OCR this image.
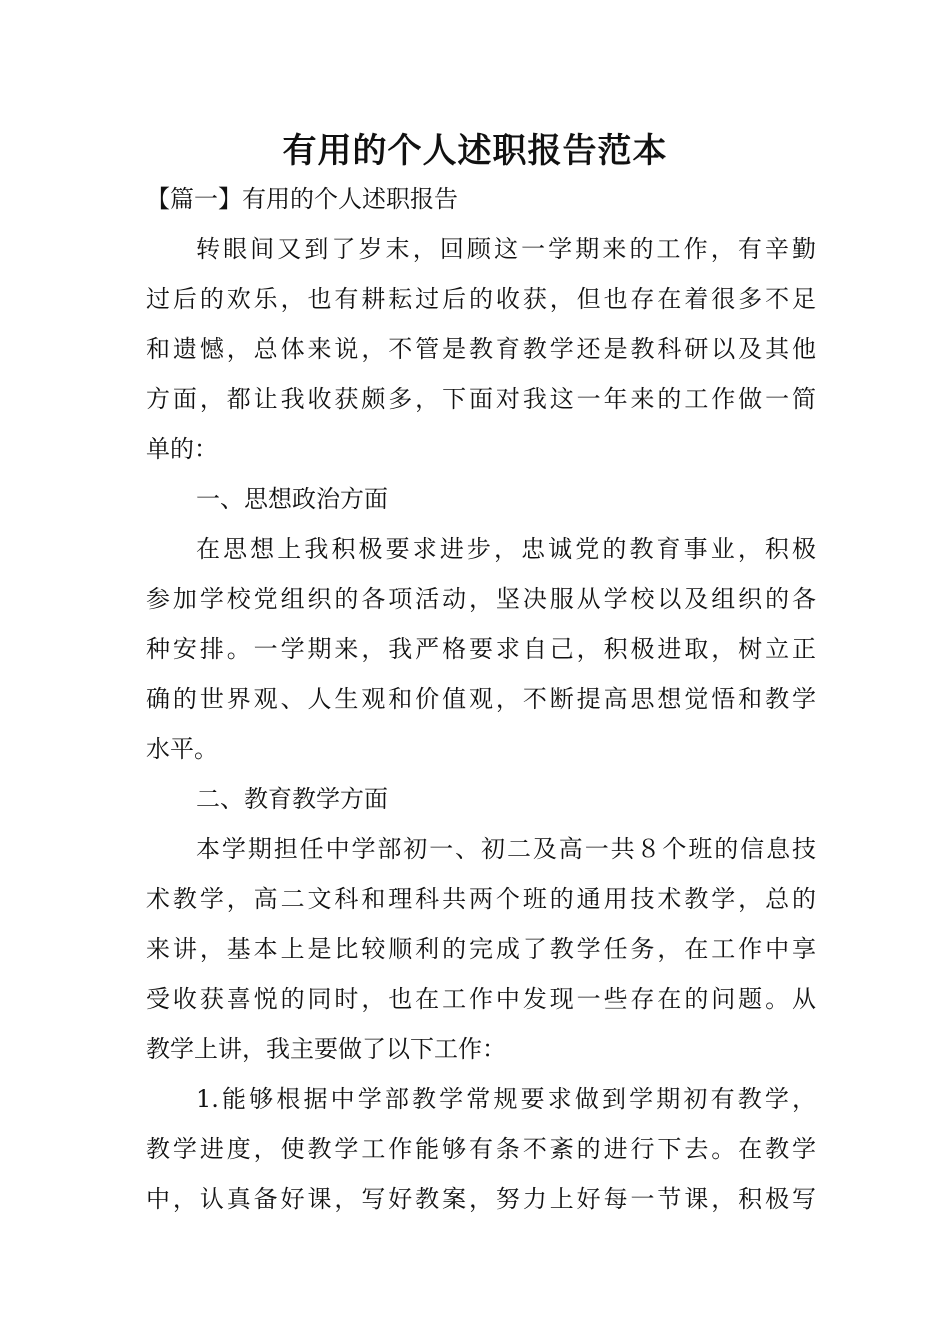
有用的个人述职报告范本

【篇一】有用的个人述职报告

转眼间又到了岁末，回顾这一学期来的工作，有辛勤

过后的欢乐，也有耕耘过后的收获，但也存在着很多不足

和遗憾，总体来说，不管是教育教学还是教科研以及其他

方面，都让我收获颇多，下面对我这一年来的工作做一简

单的：

一、思想政治方面

在思想上我积极要求进步，忠诚党的教育事业，积极

参加学校党组织的各项活动，坚决服从学校以及组织的各

种安排。一学期来，我严格要求自己，积极进取，树立正

确的世界观、人生观和价值观，不断提高思想觉悟和教学

水平。

二、教育教学方面

本学期担任中学部初一、初二及高一共８个班的信息技

术教学，高二文科和理科共两个班的通用技术教学，总的

来讲，基本上是比较顺利的完成了教学任务，在工作中享

受收获喜悦的同时，也在工作中发现一些存在的问题。从

教学上讲，我主要做了以下工作：

1.能够根据中学部教学常规要求做到学期初有教学，

教学进度，使教学工作能够有条不紊的进行下去。在教学

中，认真备好课，写好教案，努力上好每一节课，积极写
